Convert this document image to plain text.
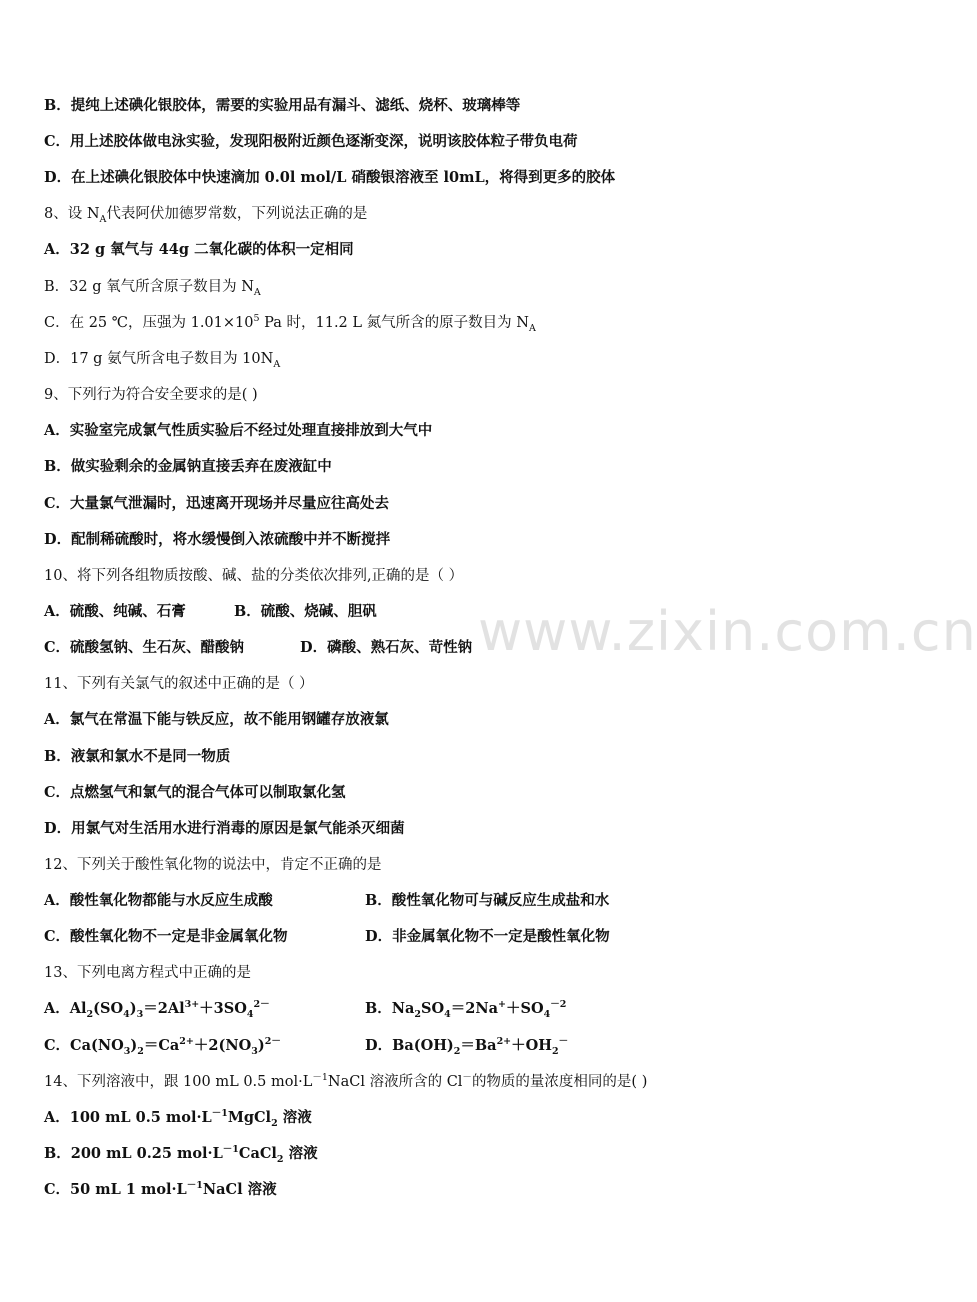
www.zixin.com.cn
B．提纯上述碘化银胶体，需要的实验用品有漏斗、滤纸、烧杯、玻璃棒等
C．用上述胶体做电泳实验，发现阳极附近颜色逐渐变深，说明该胶体粒子带负电荷
D．在上述碘化银胶体中快速滴加 0.0l mol/L 硝酸银溶液至 l0mL，将得到更多的胶体
8、设 $N_A$代表阿伏加德罗常数，下列说法正确的是
A．32 g 氧气与 44g 二氧化碳的体积一定相同
B．32 g 氧气所含原子数目为 $N_A$
C．在 25 ℃，压强为 $1.01\times 10^5$ Pa 时，11.2 L 氮气所含的原子数目为 $N_A$
D．17 g 氨气所含电子数目为 $10N_A$
9、下列行为符合安全要求的是( )
A．实验室完成氯气性质实验后不经过处理直接排放到大气中
B．做实验剩余的金属钠直接丢弃在废液缸中
C．大量氯气泄漏时，迅速离开现场并尽量应往高处去
D．配制稀硫酸时，将水缓慢倒入浓硫酸中并不断搅拌
10、将下列各组物质按酸、碱、盐的分类依次排列,正确的是（ ）
A．硫酸、纯碱、石膏	B．硫酸、烧碱、胆矾
C．硫酸氢钠、生石灰、醋酸钠	D．磷酸、熟石灰、苛性钠
11、下列有关氯气的叙述中正确的是（ ）
A．氯气在常温下能与铁反应，故不能用钢罐存放液氯
B．液氯和氯水不是同一物质
C．点燃氢气和氯气的混合气体可以制取氯化氢
D．用氯气对生活用水进行消毒的原因是氯气能杀灭细菌
12、下列关于酸性氧化物的说法中，肯定不正确的是
A．酸性氧化物都能与水反应生成酸	B．酸性氧化物可与碱反应生成盐和水
C．酸性氧化物不一定是非金属氧化物	D．非金属氧化物不一定是酸性氧化物
13、下列电离方程式中正确的是
A．$Al_2(SO_4)_3=2Al^{3+}+3SO_4^{2-}$	B．$Na_2SO_4=2Na^++SO_4^{-2}$
C．$Ca(NO_3)_2=Ca^{2+}+2(NO_3)^{2-}$	D．$Ba(OH)_2=Ba^{2+}+OH_2^-$
14、下列溶液中，跟 100 mL 0.5 $mol\cdot L^{-1}NaCl$ 溶液所含的 Cl－的物质的量浓度相同的是( )
A．100 mL 0.5 $mol\cdot L^{-1}MgCl_2$ 溶液
B．200 mL 0.25 $mol\cdot L^{-1}CaCl_2$ 溶液
C．50 mL 1 $mol\cdot L^{-1}NaCl$ 溶液
